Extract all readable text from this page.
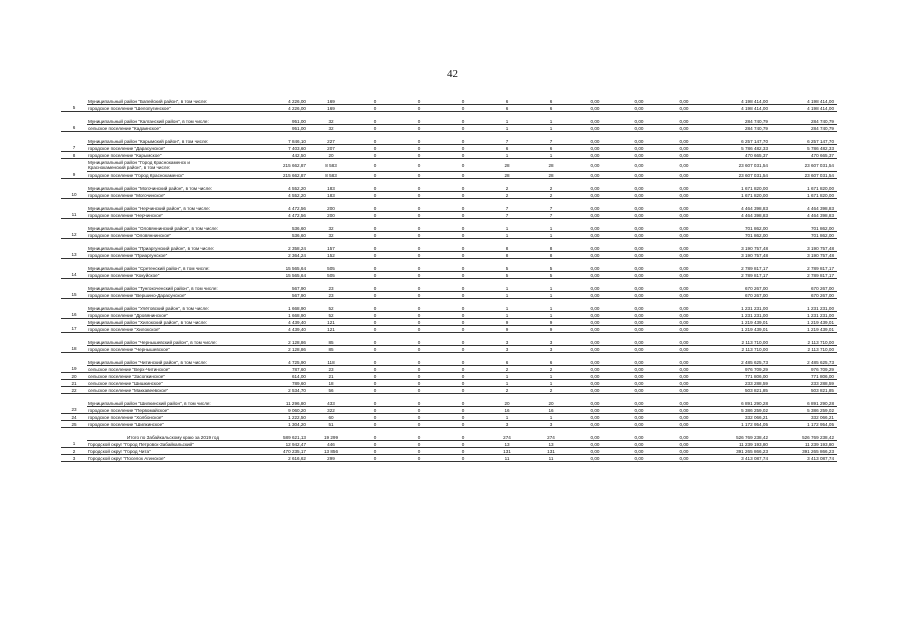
42
	Муниципальный район "Бапейский район", в том числе:	4 226,00	169	0	0	0	6	6	0,00	0,00	0,00	4 198 414,00	4 198 414,00
5	городское поселение "Шелопугинское"	4 226,00	169	0	0	0	6	6	0,00	0,00	0,00	4 198 414,00	4 198 414,00

	Муниципальный район "Калганский район", в том числе:	951,00	32	0	0	0	1	1	0,00	0,00	0,00	284 740,79	284 740,79
6	сельское поселение "Кадаинское"	951,00	32	0	0	0	1	1	0,00	0,00	0,00	284 740,79	284 740,79

	Муниципальный район "Карымский район", в том числе:	7 846,10	227	0	0	0	7	7	0,00	0,00	0,00	6 257 147,70	6 257 147,70
7	городское поселение "Дарасунское"	7 403,60	207	0	0	0	6	6	0,00	0,00	0,00	5 786 482,33	5 786 482,33
8	городское поселение "Карымское"	442,50	20	0	0	0	1	1	0,00	0,00	0,00	470 665,37	470 665,37

	Муниципальный район "Город Краснокаменск и
Краснокаменский район", в том числе:	215 662,87	8 583	0	0	0	28	28	0,00	0,00	0,00	23 607 031,54	23 607 031,54
9	городское поселение "Город Краснокаменск"	215 662,87	8 583	0	0	0	28	28	0,00	0,00	0,00	23 607 031,54	23 607 031,54

	Муниципальный район "Могочинский район", в том числе:	4 552,20	183	0	0	0	2	2	0,00	0,00	0,00	1 671 820,00	1 671 820,00
10	городское поселение "Могочинское"	4 552,20	183	0	0	0	2	2	0,00	0,00	0,00	1 671 820,00	1 671 820,00

	Муниципальный район "Нерчинский район", в том числе:	4 472,56	200	0	0	0	7	7	0,00	0,00	0,00	4 464 398,83	4 464 398,83
11	городское поселение "Нерчинское"	4 472,56	200	0	0	0	7	7	0,00	0,00	0,00	4 464 398,83	4 464 398,83

	Муниципальный район "Оловяннинский район", в том числе:	536,60	32	0	0	0	1	1	0,00	0,00	0,00	701 862,00	701 862,00
12	городское поселение "Оловяннинское"	536,60	32	0	0	0	1	1	0,00	0,00	0,00	701 862,00	701 862,00

	Муниципальный район "Приаргунский район", в том числе:	2 358,24	157	0	0	0	8	8	0,00	0,00	0,00	3 190 757,48	3 190 757,48
13	городское поселение "Приаргунское"	2 364,24	152	0	0	0	8	8	0,00	0,00	0,00	3 190 757,48	3 190 757,48

	Муниципальный район "Сретенский район", в том числе:	15 565,64	505	0	0	0	5	5	0,00	0,00	0,00	2 789 817,17	2 789 817,17
14	городское поселение "Кокуйское"	15 565,64	505	0	0	0	5	5	0,00	0,00	0,00	2 789 817,17	2 789 817,17

	Муниципальный район "Тунгокоченский район", в том числе:	567,90	23	0	0	0	1	1	0,00	0,00	0,00	670 267,00	670 267,00
15	городское поселение "Вершино-Дарасунское"	567,90	23	0	0	0	1	1	0,00	0,00	0,00	670 267,00	670 267,00

	Муниципальный район "Улётовский район", в том числе:	1 668,90	52	0	0	0	1	1	0,00	0,00	0,00	1 231 231,00	1 231 231,00
16	городское поселение "Дровянинское"	1 668,90	52	0	0	0	1	1	0,00	0,00	0,00	1 231 231,00	1 231 231,00
	Муниципальный район "Хилокский район", в том числе:	4 439,40	121	0	0	0	9	9	0,00	0,00	0,00	1 219 439,01	1 219 439,01
17	городское поселение "Хилокское"	4 439,40	121	0	0	0	9	9	0,00	0,00	0,00	1 219 439,01	1 219 439,01

	Муниципальный район "Чернышевский район", в том числе:	2 128,86	85	0	0	0	3	3	0,00	0,00	0,00	2 113 710,00	2 113 710,00
18	городское поселение "Чернышевское"	2 128,86	85	0	0	0	3	3	0,00	0,00	0,00	2 113 710,00	2 113 710,00

	Муниципальный район "Читинский район", в том числе:	4 725,90	118	0	0	0	6	6	0,00	0,00	0,00	2 485 625,73	2 485 625,73
19	сельское поселение "Верх-Читинское"	787,60	23	0	0	0	2	2	0,00	0,00	0,00	976 709,29	976 709,29
20	сельское поселение "Засопкинское"	614,00	21	0	0	0	1	1	0,00	0,00	0,00	771 806,00	771 806,00
21	сельское поселение "Шишкинское"	789,60	18	0	0	0	1	1	0,00	0,00	0,00	233 288,59	233 288,59
22	сельское поселение "Маккавеевское"	2 534,70	56	0	0	0	2	2	0,00	0,00	0,00	503 821,85	503 821,85

	Муниципальный район "Шилкинский район", в том числе:	11 296,80	433	0	0	0	20	20	0,00	0,00	0,00	6 891 290,28	6 891 290,28
23	городское поселение "Первомайское"	9 060,20	322	0	0	0	16	16	0,00	0,00	0,00	5 386 259,02	5 386 259,02
24	городское поселение "Холбонское"	1 222,50	60	0	0	0	1	1	0,00	0,00	0,00	332 066,21	332 066,21
25	городское поселение "Шилкинское"	1 304,20	51	0	0	0	3	3	0,00	0,00	0,00	1 172 954,05	1 172 954,05

	Итого по Забайкальскому краю за 2019 год	589 621,13	19 299	0	0	0	274	274	0,00	0,00	0,00	526 769 238,42	526 769 238,42
1	Городской округ "Город Петровск-Забайкальский"	12 942,47	446	0	0	0	13	13	0,00	0,00	0,00	11 239 193,80	11 239 193,80
2	Городской округ "Город Чита"	470 235,17	13 856	0	0	0	131	131	0,00	0,00	0,00	391 265 866,23	391 265 866,23
3	Городской округ "Поселок Агинское"	2 616,62	299	0	0	0	11	11	0,00	0,00	0,00	3 413 087,74	3 413 087,74
